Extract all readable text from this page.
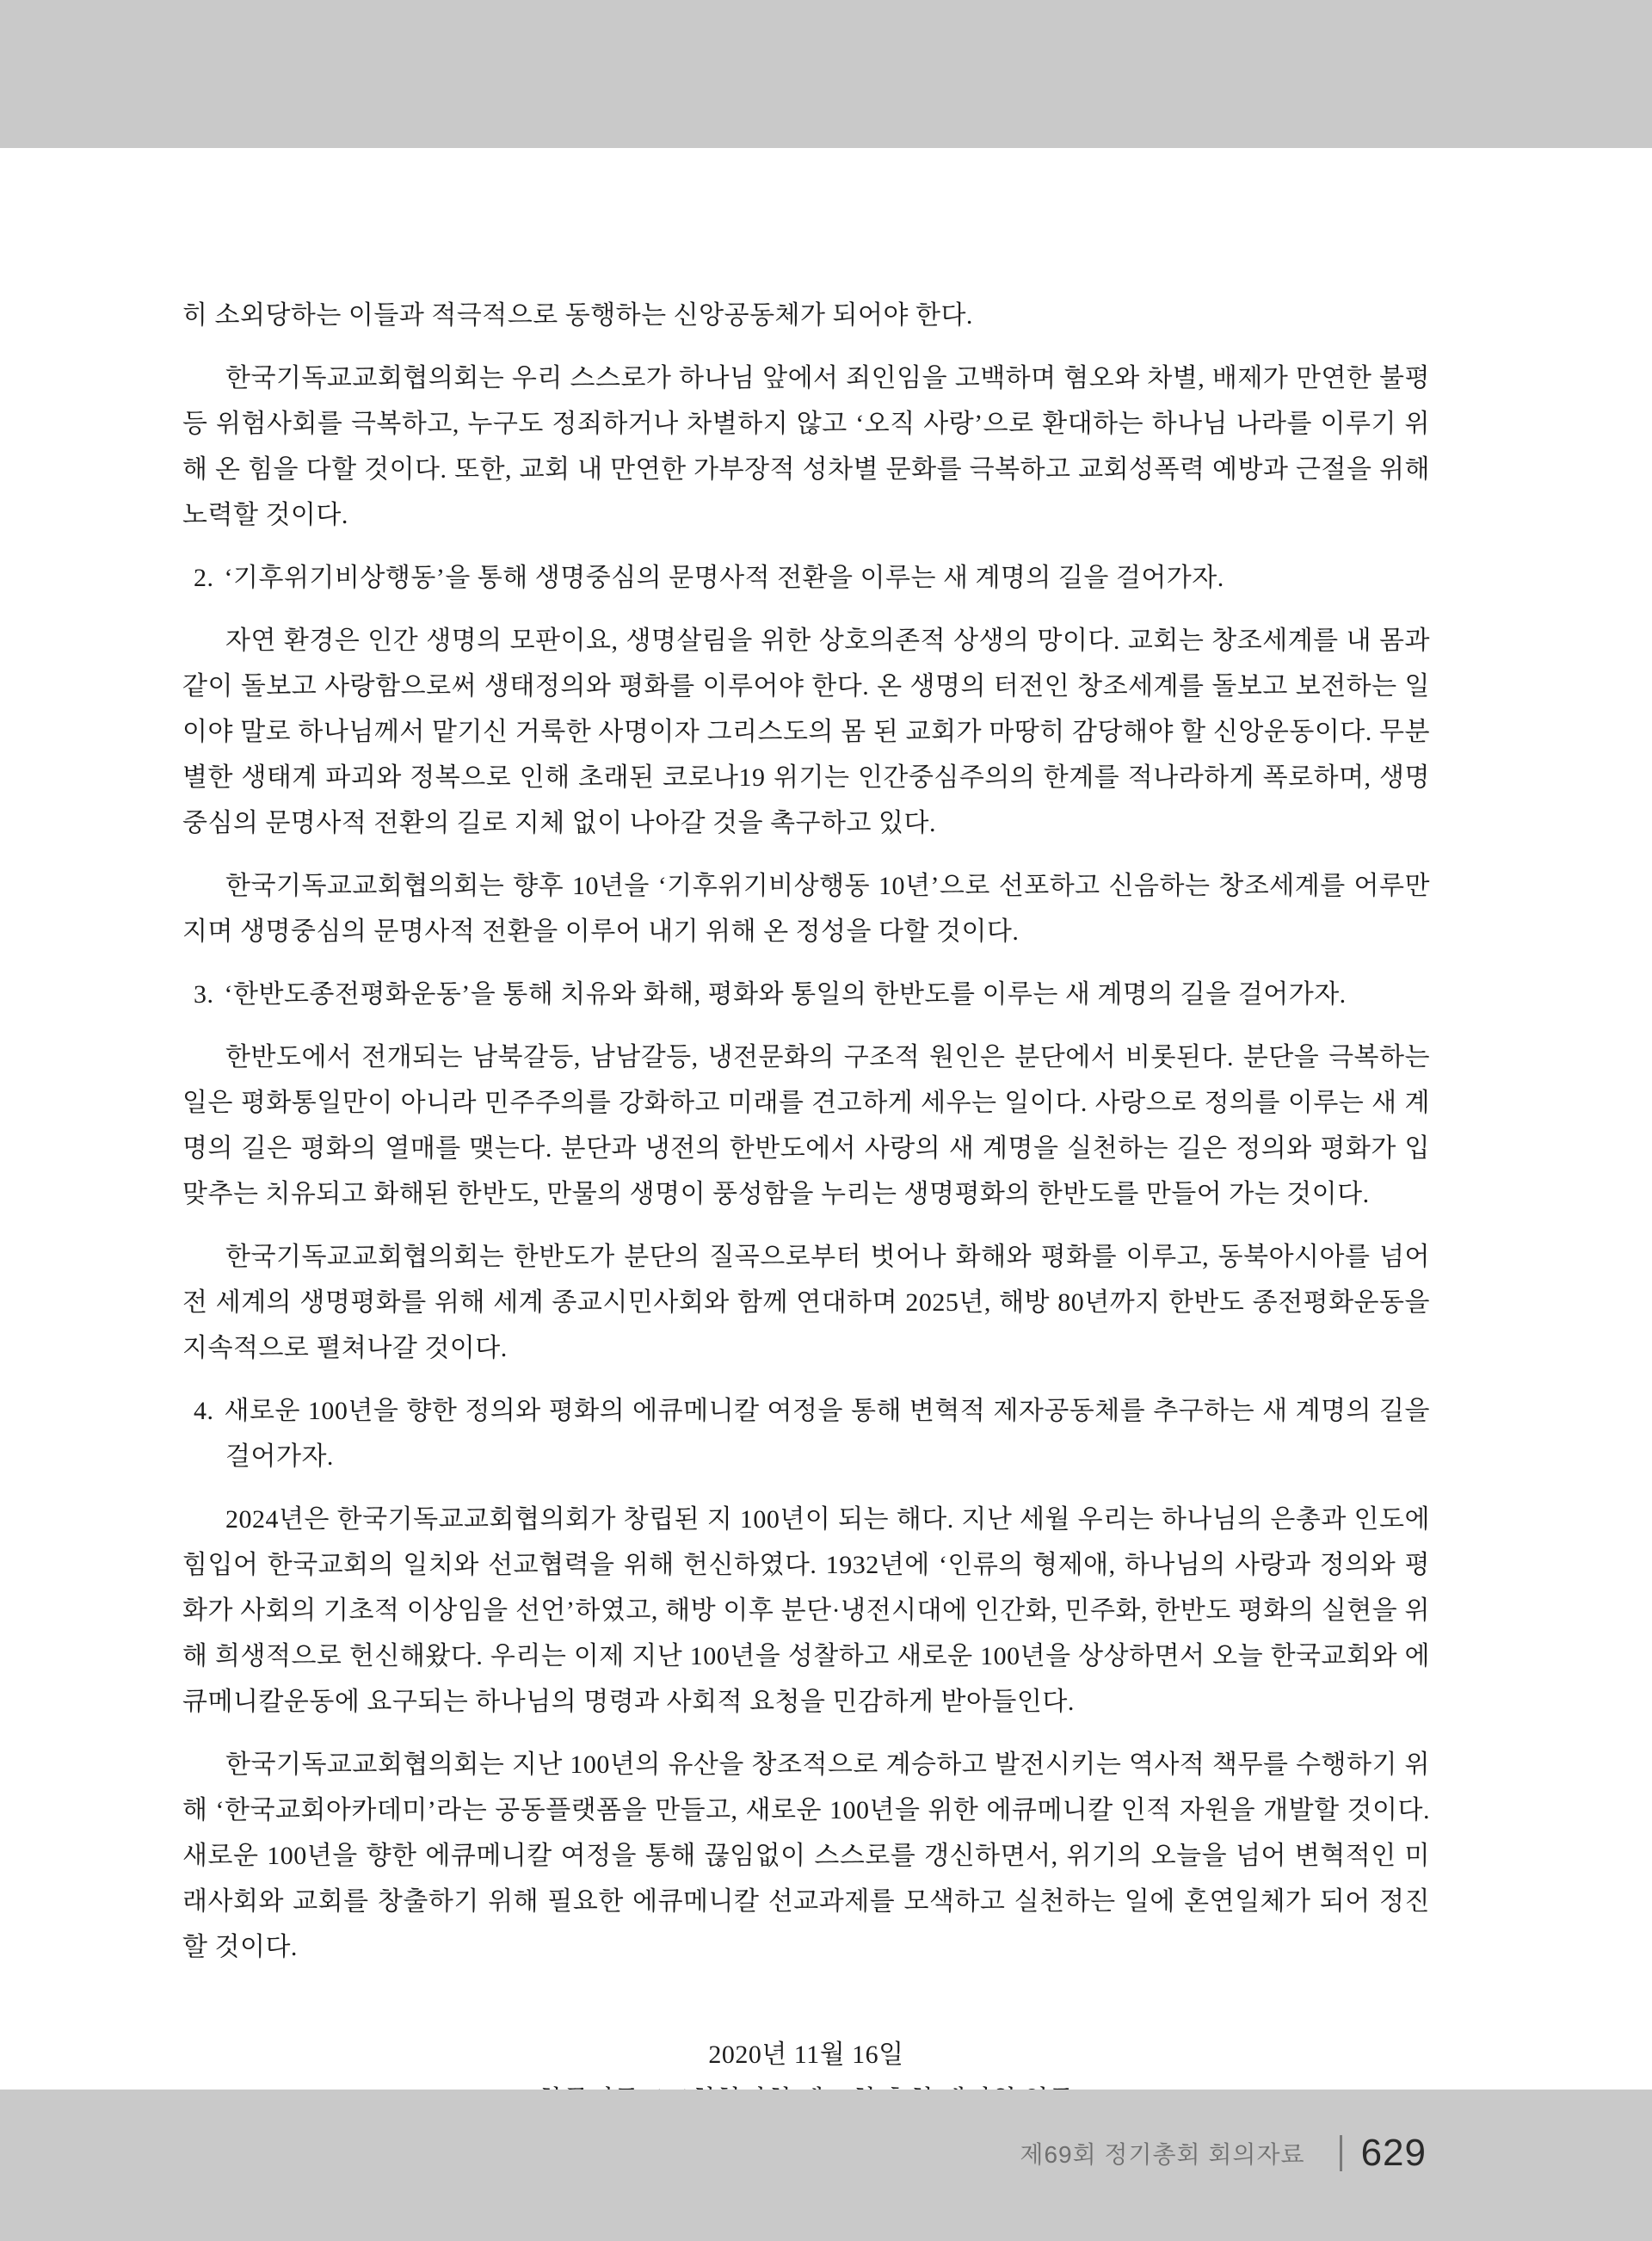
히 소외당하는 이들과 적극적으로 동행하는 신앙공동체가 되어야 한다.

한국기독교교회협의회는 우리 스스로가 하나님 앞에서 죄인임을 고백하며 혐오와 차별, 배제가 만연한 불평등 위험사회를 극복하고, 누구도 정죄하거나 차별하지 않고 ‘오직 사랑’으로 환대하는 하나님 나라를 이루기 위해 온 힘을 다할 것이다. 또한, 교회 내 만연한 가부장적 성차별 문화를 극복하고 교회성폭력 예방과 근절을 위해 노력할 것이다.

2. ‘기후위기비상행동’을 통해 생명중심의 문명사적 전환을 이루는 새 계명의 길을 걸어가자.

자연 환경은 인간 생명의 모판이요, 생명살림을 위한 상호의존적 상생의 망이다. 교회는 창조세계를 내 몸과 같이 돌보고 사랑함으로써 생태정의와 평화를 이루어야 한다. 온 생명의 터전인 창조세계를 돌보고 보전하는 일이야 말로 하나님께서 맡기신 거룩한 사명이자 그리스도의 몸 된 교회가 마땅히 감당해야 할 신앙운동이다. 무분별한 생태계 파괴와 정복으로 인해 초래된 코로나19 위기는 인간중심주의의 한계를 적나라하게 폭로하며, 생명중심의 문명사적 전환의 길로 지체 없이 나아갈 것을 촉구하고 있다.

한국기독교교회협의회는 향후 10년을 ‘기후위기비상행동 10년’으로 선포하고 신음하는 창조세계를 어루만지며 생명중심의 문명사적 전환을 이루어 내기 위해 온 정성을 다할 것이다.

3. ‘한반도종전평화운동’을 통해 치유와 화해, 평화와 통일의 한반도를 이루는 새 계명의 길을 걸어가자.

한반도에서 전개되는 남북갈등, 남남갈등, 냉전문화의 구조적 원인은 분단에서 비롯된다. 분단을 극복하는 일은 평화통일만이 아니라 민주주의를 강화하고 미래를 견고하게 세우는 일이다. 사랑으로 정의를 이루는 새 계명의 길은 평화의 열매를 맺는다. 분단과 냉전의 한반도에서 사랑의 새 계명을 실천하는 길은 정의와 평화가 입 맞추는 치유되고 화해된 한반도, 만물의 생명이 풍성함을 누리는 생명평화의 한반도를 만들어 가는 것이다.

한국기독교교회협의회는 한반도가 분단의 질곡으로부터 벗어나 화해와 평화를 이루고, 동북아시아를 넘어 전 세계의 생명평화를 위해 세계 종교시민사회와 함께 연대하며 2025년, 해방 80년까지 한반도 종전평화운동을 지속적으로 펼쳐나갈 것이다.

4. 새로운 100년을 향한 정의와 평화의 에큐메니칼 여정을 통해 변혁적 제자공동체를 추구하는 새 계명의 길을 걸어가자.

2024년은 한국기독교교회협의회가 창립된 지 100년이 되는 해다. 지난 세월 우리는 하나님의 은총과 인도에 힘입어 한국교회의 일치와 선교협력을 위해 헌신하였다. 1932년에 ‘인류의 형제애, 하나님의 사랑과 정의와 평화가 사회의 기초적 이상임을 선언’하였고, 해방 이후 분단·냉전시대에 인간화, 민주화, 한반도 평화의 실현을 위해 희생적으로 헌신해왔다. 우리는 이제 지난 100년을 성찰하고 새로운 100년을 상상하면서 오늘 한국교회와 에큐메니칼운동에 요구되는 하나님의 명령과 사회적 요청을 민감하게 받아들인다.

한국기독교교회협의회는 지난 100년의 유산을 창조적으로 계승하고 발전시키는 역사적 책무를 수행하기 위해 ‘한국교회아카데미’라는 공동플랫폼을 만들고, 새로운 100년을 위한 에큐메니칼 인적 자원을 개발할 것이다. 새로운 100년을 향한 에큐메니칼 여정을 통해 끊임없이 스스로를 갱신하면서, 위기의 오늘을 넘어 변혁적인 미래사회와 교회를 창출하기 위해 필요한 에큐메니칼 선교과제를 모색하고 실천하는 일에 혼연일체가 되어 정진할 것이다.

2020년 11월 16일

제69회 정기총회 회의자료 629
